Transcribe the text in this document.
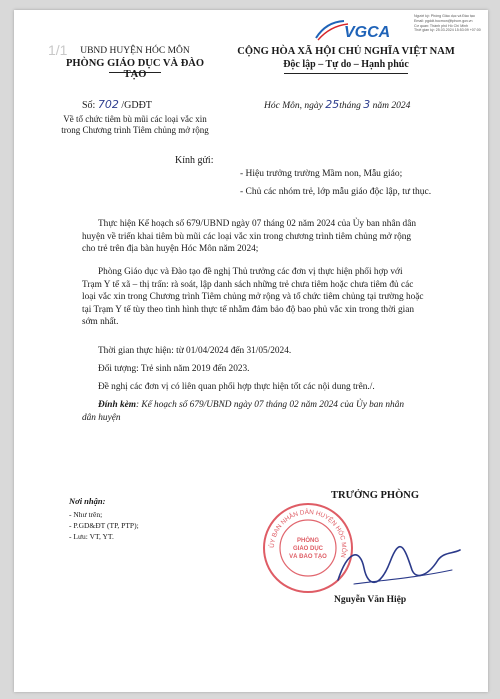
1/1
VGCA
Người ký: Phòng Giáo dục và Đào tạo
Email: pgddt.hocmon@tphcm.gov.vn
Cơ quan: Thành phố Hồ Chí Minh
Thời gian ký: 25.03.2024 15:53:09 +07:00
UBND HUYỆN HÓC MÔN
PHÒNG GIÁO DỤC VÀ ĐÀO TẠO
CỘNG HÒA XÃ HỘI CHỦ NGHĨA VIỆT NAM
Độc lập – Tự do – Hạnh phúc
Số: 702 /GDĐT
Về tổ chức tiêm bù mũi các loại vắc xin
trong Chương trình Tiêm chủng mở rộng
Hóc Môn, ngày 25tháng 3 năm 2024
Kính gửi:
- Hiệu trưởng trường Mầm non, Mẫu giáo;
- Chủ các nhóm trẻ, lớp mẫu giáo độc lập, tư thục.
Thực hiện Kế hoạch số 679/UBND ngày 07 tháng 02 năm 2024 của Ủy ban nhân dân
huyện về triển khai tiêm bù mũi các loại vắc xin trong chương trình tiêm chủng mở rộng
cho trẻ trên địa bàn huyện Hóc Môn năm 2024;
Phòng Giáo dục và Đào tạo đề nghị Thủ trưởng các đơn vị thực hiện phối hợp với
Trạm Y tế xã – thị trấn: rà soát, lập danh sách những trẻ chưa tiêm hoặc chưa tiêm đủ các
loại vắc xin trong Chương trình Tiêm chủng mở rộng và tổ chức tiêm chủng tại trường hoặc
tại Trạm Y tế tùy theo tình hình thực tế nhằm đảm bảo độ bao phủ vắc xin trong thời gian
sớm nhất.
Thời gian thực hiện: từ 01/04/2024 đến 31/05/2024.
Đối tượng: Trẻ sinh năm 2019 đến 2023.
Đề nghị các đơn vị có liên quan phối hợp thực hiện tốt các nội dung trên./.
Đính kèm: Kế hoạch số 679/UBND ngày 07 tháng 02 năm 2024 của Ủy ban nhân
dân huyện
Nơi nhận:
- Như trên;
- P.GD&ĐT (TP, PTP);
- Lưu: VT, YT.
TRƯỞNG PHÒNG
ỦY BAN NHÂN DÂN HUYỆN HÓC MÔN
PHÒNG
GIÁO DỤC
VÀ ĐÀO TẠO
Nguyễn Văn Hiệp
